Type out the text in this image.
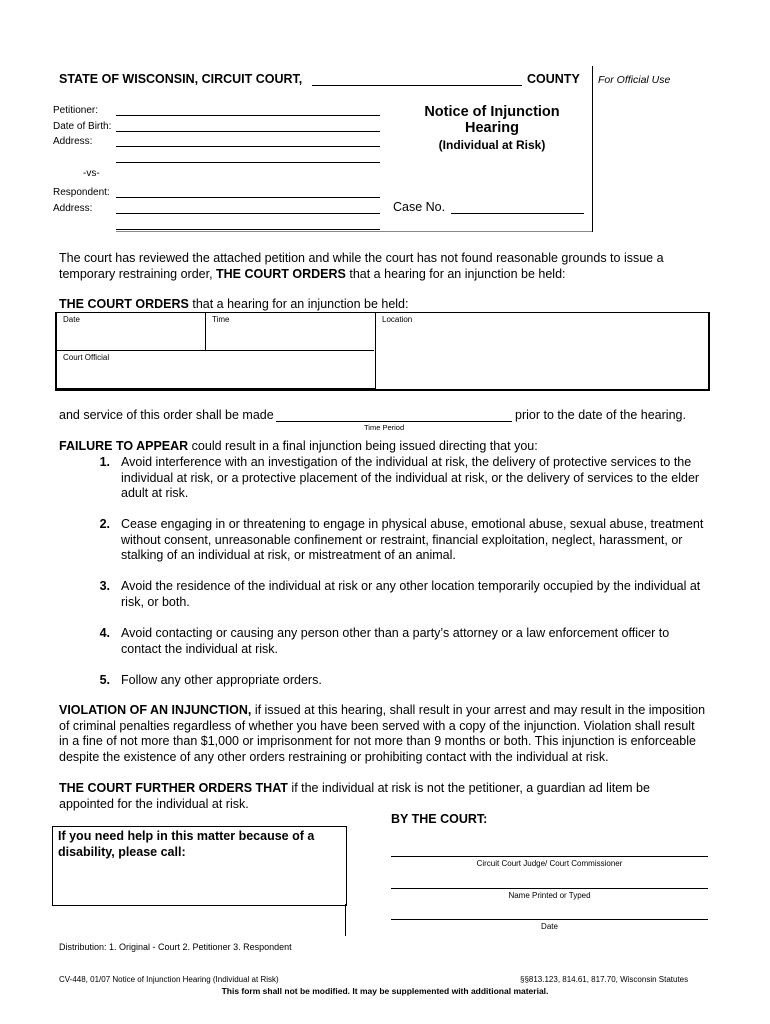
STATE OF WISCONSIN, CIRCUIT COURT,	COUNTY For Official Use
Petitioner:
Date of Birth:
Address:
-vs-
Respondent:
Address:
Notice of Injunction
Hearing
(Individual at Risk)
Case No.
The court has reviewed the attached petition and while the court has not found reasonable grounds to issue a
temporary restraining order, THE COURT ORDERS that a hearing for an injunction be held:
THE COURT ORDERS that a hearing for an injunction be held:
Date	Time	Location
Court Official
and service of this order shall be made	prior to the date of the hearing.
Time Period
FAILURE TO APPEAR could result in a final injunction being issued directing that you:
1. Avoid interference with an investigation of the individual at risk, the delivery of protective services to the
individual at risk, or a protective placement of the individual at risk, or the delivery of services to the elder
adult at risk.
2. Cease engaging in or threatening to engage in physical abuse, emotional abuse, sexual abuse, treatment
without consent, unreasonable confinement or restraint, financial exploitation, neglect, harassment, or
stalking of an individual at risk, or mistreatment of an animal.
3. Avoid the residence of the individual at risk or any other location temporarily occupied by the individual at
risk, or both.
4. Avoid contacting or causing any person other than a party’s attorney or a law enforcement officer to
contact the individual at risk.
5. Follow any other appropriate orders.
VIOLATION OF AN INJUNCTION, if issued at this hearing, shall result in your arrest and may result in the imposition
of criminal penalties regardless of whether you have been served with a copy of the injunction. Violation shall result
in a fine of not more than $1,000 or imprisonment for not more than 9 months or both. This injunction is enforceable
despite the existence of any other orders restraining or prohibiting contact with the individual at risk.
THE COURT FURTHER ORDERS THAT if the individual at risk is not the petitioner, a guardian ad litem be
appointed for the individual at risk.
If you need help in this matter because of a
disability, please call:
BY THE COURT:
Circuit Court Judge/ Court Commissioner
Name Printed or Typed
Date
Distribution: 1. Original - Court 2. Petitioner 3. Respondent
CV-448, 01/07 Notice of Injunction Hearing (Individual at Risk)	§§813.123, 814.61, 817.70, Wisconsin Statutes
This form shall not be modified. It may be supplemented with additional material.
